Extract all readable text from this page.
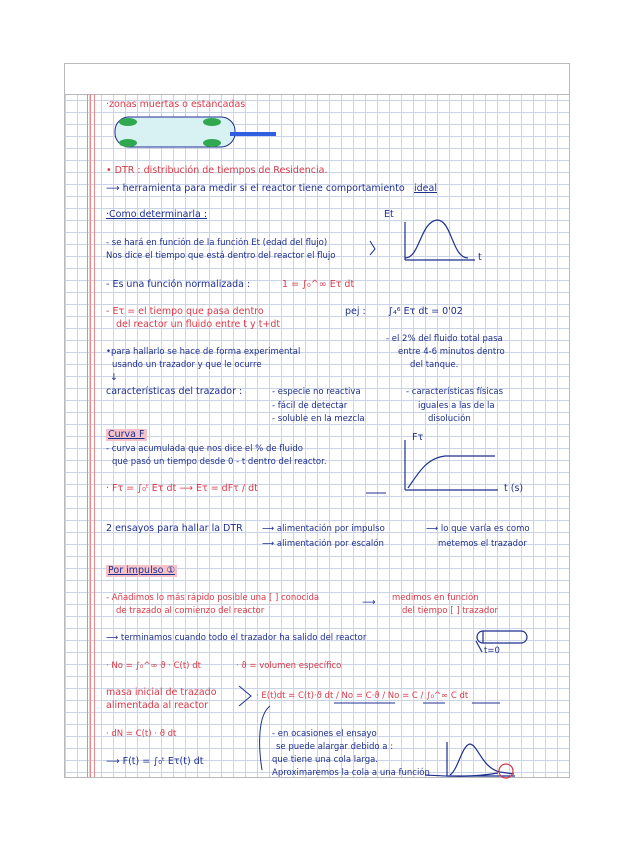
·zonas muertas o estancadas
• DTR : distribución de tiempos de Residencia.
⟶ herramienta para medir si el reactor tiene comportamiento ideal
·Como determinarla :	Et
t
- se hará en función de la función Et (edad del flujo)
Nos dice el tiempo que está dentro del reactor el flujo
- Es una función normalizada :	1 = ∫₀^∞ Eτ dt
- Eτ = el tiempo que pasa dentro
del reactor un fluido entre t y t+dt
pej : ∫₄⁶ Eτ dt = 0'02
- el 2% del fluido total pasa
entre 4-6 minutos dentro
del tanque.
•para hallarlo se hace de forma experimental
usando un trazador y que le ocurre
↓
características del trazador :	- especie no reactiva
- fácil de detectar
- soluble en la mezcla
- características físicas
iguales a las de la
disolución
Curva F	Fτ
- curva acumulada que nos dice el % de fluido
que pasó un tiempo desde 0 - t dentro del reactor.
· Fτ = ∫₀ᵗ Eτ dt ⟶ Eτ = dFτ / dt	t (s)
2 ensayos para hallar la DTR ⟶ alimentación por impulso
⟶ alimentación por escalón
⟶ lo que varía es como
metemos el trazador
Por impulso ①
- Añadimos lo más rápido posible una [ ] conocida
de trazado al comienzo del reactor
⟶ medimos en función
del tiempo [ ] trazador
⟶ terminamos cuando todo el trazador ha salido del reactor
t=0
· No = ∫₀^∞ ϑ · C(t) dt	· ϑ = volumen específico
masa inicial de trazado
alimentada al reactor
· E(t)dt = C(t)·ϑ dt / No = C·ϑ / No = C / ∫₀^∞ C dt
· dN = C(t) · ϑ dt	- en ocasiones el ensayo
se puede alargar debido a :
que tiene una cola larga.
Aproximaremos la cola a una función
⟶ F(t) = ∫₀ᵗ Eτ(t) dt
